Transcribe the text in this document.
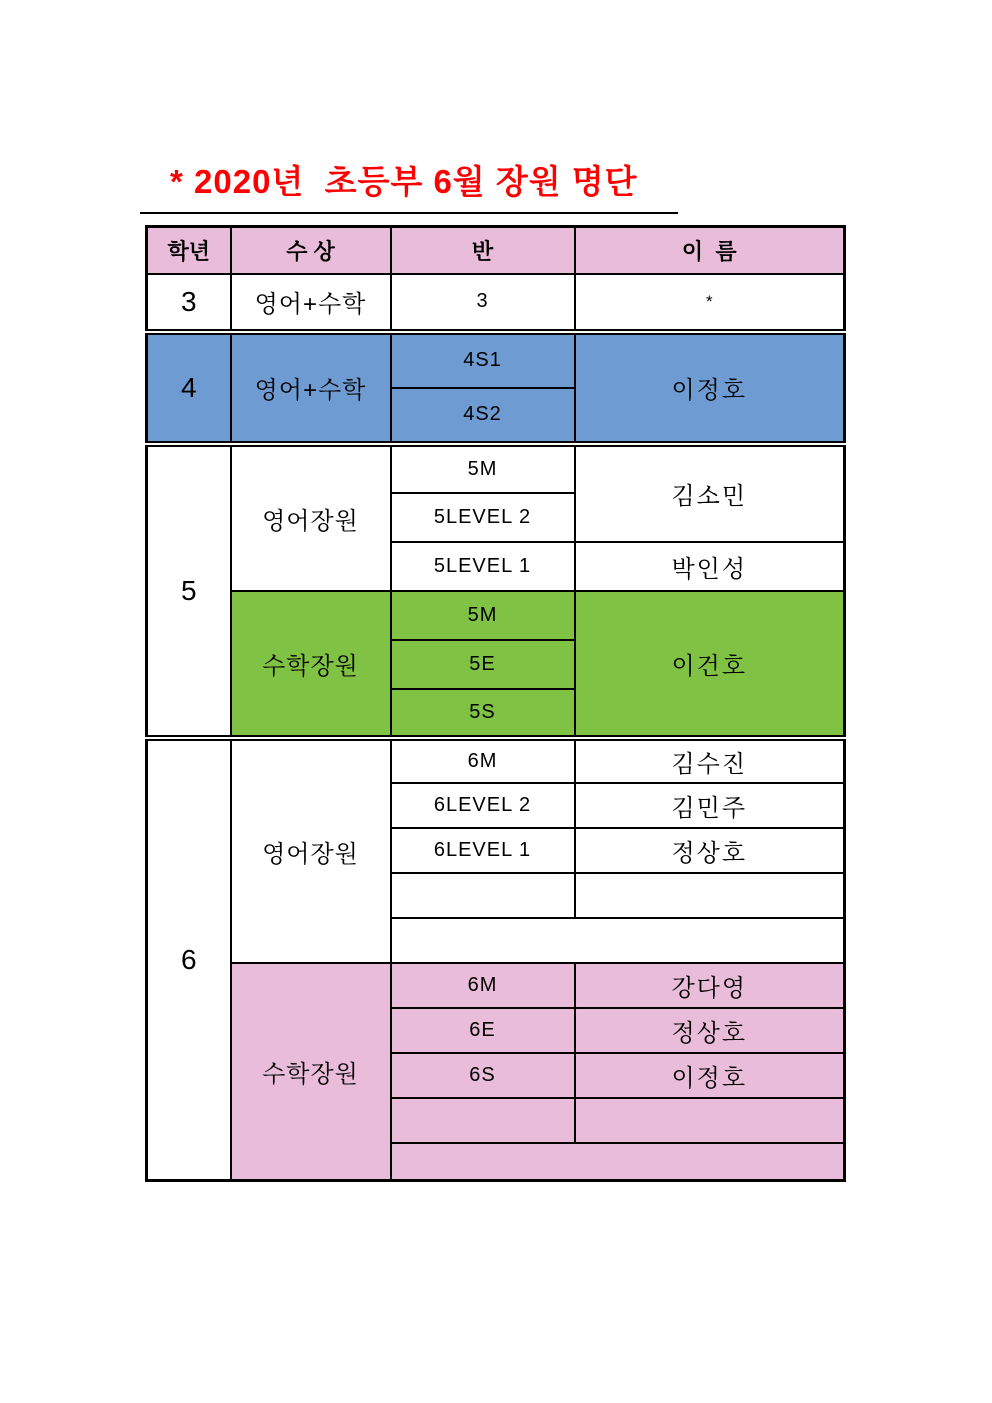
* 2020년  초등부 6월 장원 명단
학년	수 상	반	이  름
3	영어+수학	3	*
4	영어+수학	4S1	이정호
		4S2	
5	영어장원	5M	김소민
		5LEVEL 2	
		5LEVEL 1	박인성
	수학장원	5M	이건호
		5E	
		5S	
6	영어장원	6M	김수진
		6LEVEL 2	김민주
		6LEVEL 1	정상호

	수학장원	6M	강다영
		6E	정상호
		6S	이정호
